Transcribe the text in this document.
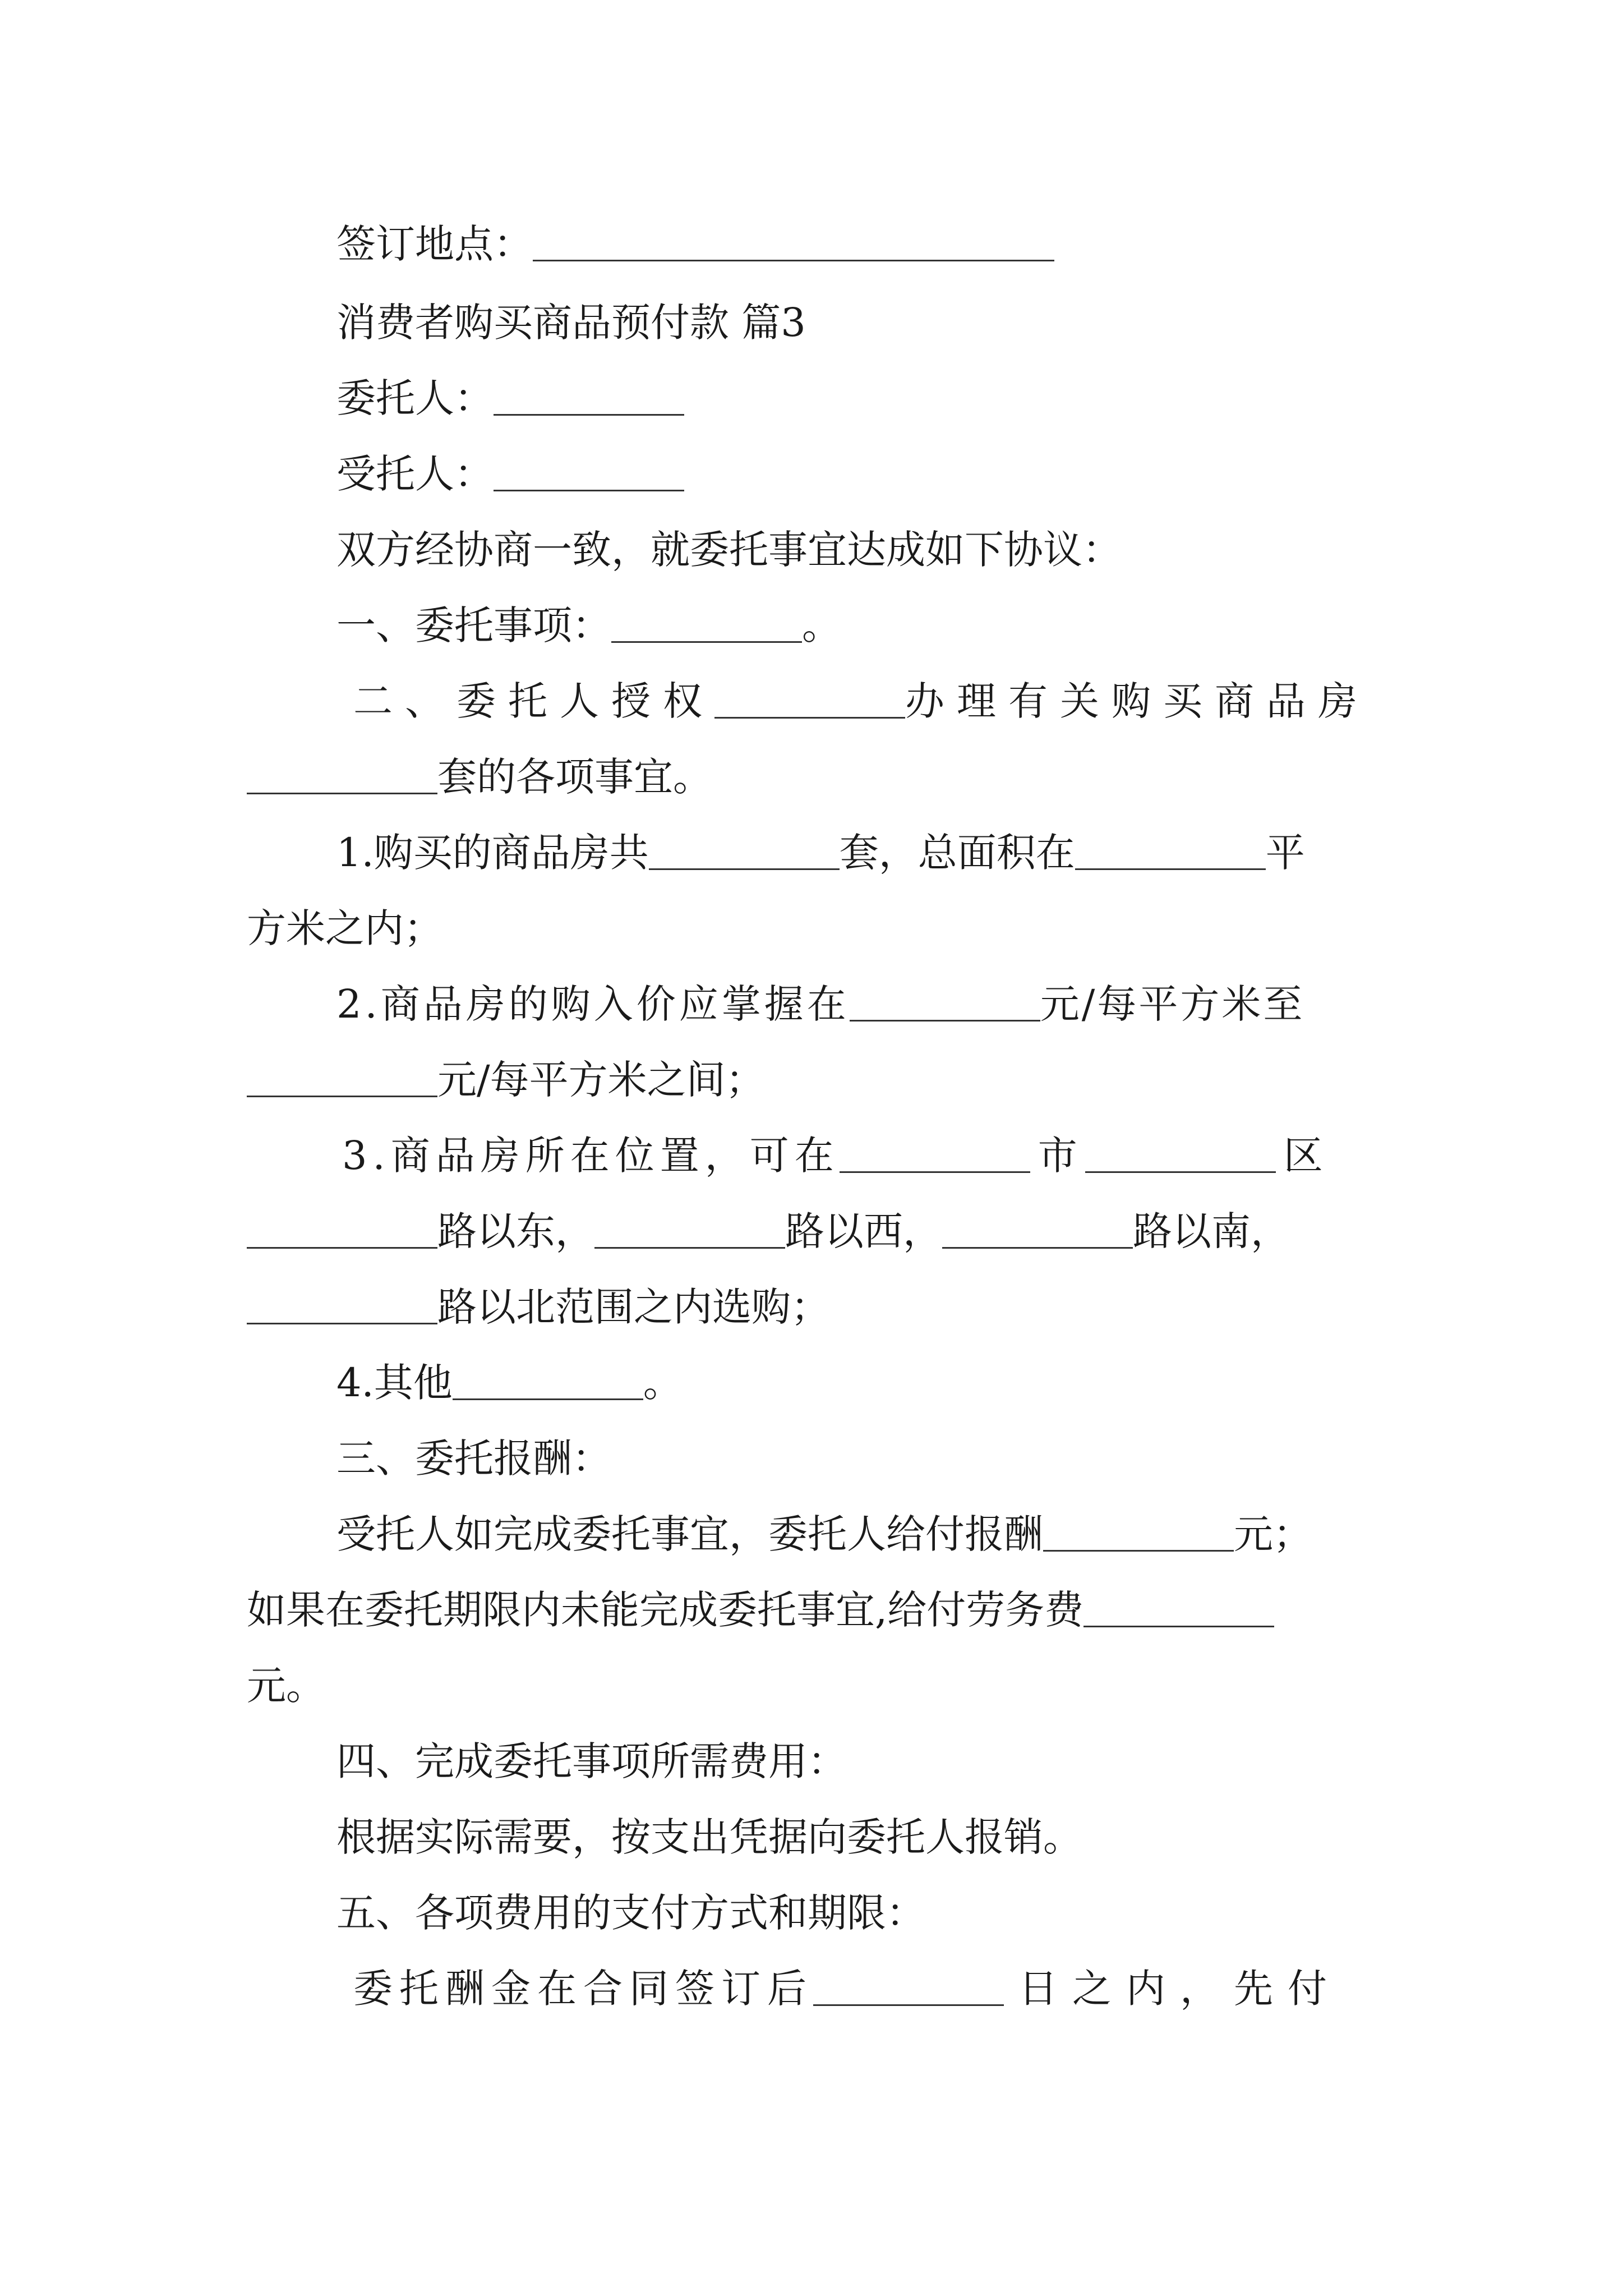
签订地点：
消费者购买商品预付款 篇3
委托人：
受托人：
双方经协商一致，就委托事宜达成如下协议：
一、委托事项：	。
二、委托人授权	办理有关购买商品房
套的各项事宜。
1.购买的商品房共	套，总面积在	平
方米之内；
2.商品房的购入价应掌握在	元/每平方米至
元/每平方米之间；
3.商品房所在位置，可在	市	区
路以东，	路以西，	路以南，
路以北范围之内选购；
4.其他	。
三、委托报酬：
受托人如完成委托事宜，委托人给付报酬	元；
如果在委托期限内未能完成委托事宜,给付劳务费
元。
四、完成委托事项所需费用：
根据实际需要，按支出凭据向委托人报销。
五、各项费用的支付方式和期限：
委托酬金在合同签订后	日之内，先付
